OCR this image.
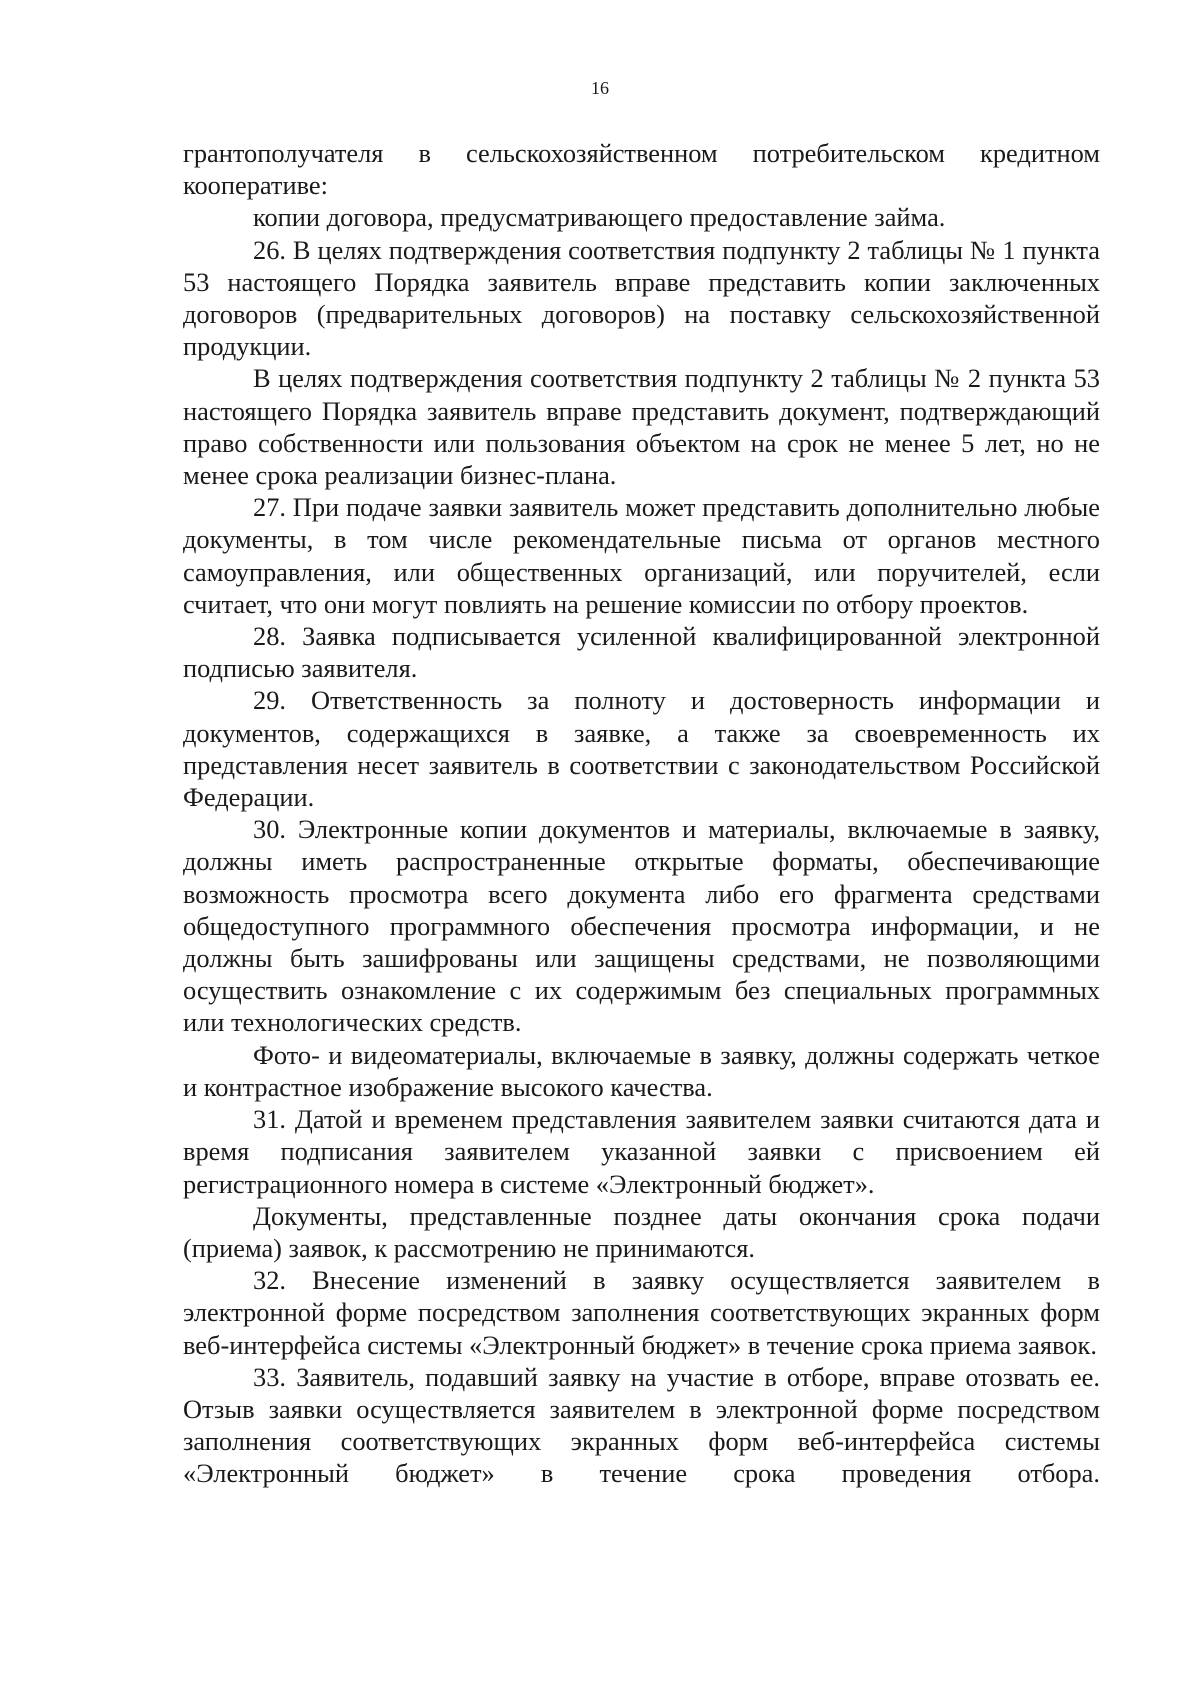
16

грантополучателя в сельскохозяйственном потребительском кредитном кооперативе:

копии договора, предусматривающего предоставление займа.

26. В целях подтверждения соответствия подпункту 2 таблицы № 1 пункта 53 настоящего Порядка заявитель вправе представить копии заключенных договоров (предварительных договоров) на поставку сельскохозяйственной продукции.

В целях подтверждения соответствия подпункту 2 таблицы № 2 пункта 53 настоящего Порядка заявитель вправе представить документ, подтверждающий право собственности или пользования объектом на срок не менее 5 лет, но не менее срока реализации бизнес-плана.

27. При подаче заявки заявитель может представить дополнительно любые документы, в том числе рекомендательные письма от органов местного самоуправления, или общественных организаций, или поручителей, если считает, что они могут повлиять на решение комиссии по отбору проектов.

28. Заявка подписывается усиленной квалифицированной электронной подписью заявителя.

29. Ответственность за полноту и достоверность информации и документов, содержащихся в заявке, а также за своевременность их представления несет заявитель в соответствии с законодательством Российской Федерации.

30. Электронные копии документов и материалы, включаемые в заявку, должны иметь распространенные открытые форматы, обеспечивающие возможность просмотра всего документа либо его фрагмента средствами общедоступного программного обеспечения просмотра информации, и не должны быть зашифрованы или защищены средствами, не позволяющими осуществить ознакомление с их содержимым без специальных программных или технологических средств.

Фото- и видеоматериалы, включаемые в заявку, должны содержать четкое и контрастное изображение высокого качества.

31. Датой и временем представления заявителем заявки считаются дата и время подписания заявителем указанной заявки с присвоением ей регистрационного номера в системе «Электронный бюджет».

Документы, представленные позднее даты окончания срока подачи (приема) заявок, к рассмотрению не принимаются.

32. Внесение изменений в заявку осуществляется заявителем в электронной форме посредством заполнения соответствующих экранных форм веб-интерфейса системы «Электронный бюджет» в течение срока приема заявок.

33. Заявитель, подавший заявку на участие в отборе, вправе отозвать ее. Отзыв заявки осуществляется заявителем в электронной форме посредством заполнения соответствующих экранных форм веб-интерфейса системы «Электронный бюджет» в течение срока проведения отбора.
